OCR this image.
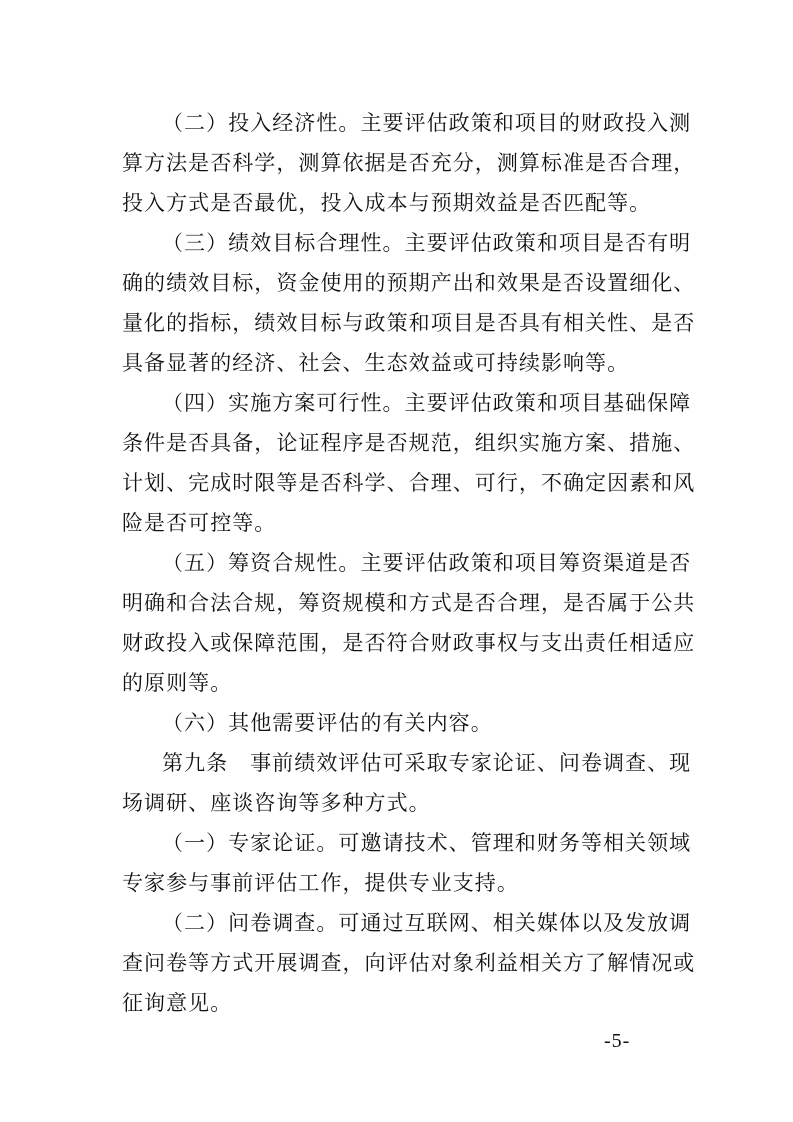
（二）投入经济性。主要评估政策和项目的财政投入测
算方法是否科学，测算依据是否充分，测算标准是否合理，
投入方式是否最优，投入成本与预期效益是否匹配等。
（三）绩效目标合理性。主要评估政策和项目是否有明
确的绩效目标，资金使用的预期产出和效果是否设置细化、
量化的指标，绩效目标与政策和项目是否具有相关性、是否
具备显著的经济、社会、生态效益或可持续影响等。
（四）实施方案可行性。主要评估政策和项目基础保障
条件是否具备，论证程序是否规范，组织实施方案、措施、
计划、完成时限等是否科学、合理、可行，不确定因素和风
险是否可控等。
（五）筹资合规性。主要评估政策和项目筹资渠道是否
明确和合法合规，筹资规模和方式是否合理，是否属于公共
财政投入或保障范围，是否符合财政事权与支出责任相适应
的原则等。
（六）其他需要评估的有关内容。
第九条　事前绩效评估可采取专家论证、问卷调查、现
场调研、座谈咨询等多种方式。
（一）专家论证。可邀请技术、管理和财务等相关领域
专家参与事前评估工作，提供专业支持。
（二）问卷调查。可通过互联网、相关媒体以及发放调
查问卷等方式开展调查，向评估对象利益相关方了解情况或
征询意见。
-5-
